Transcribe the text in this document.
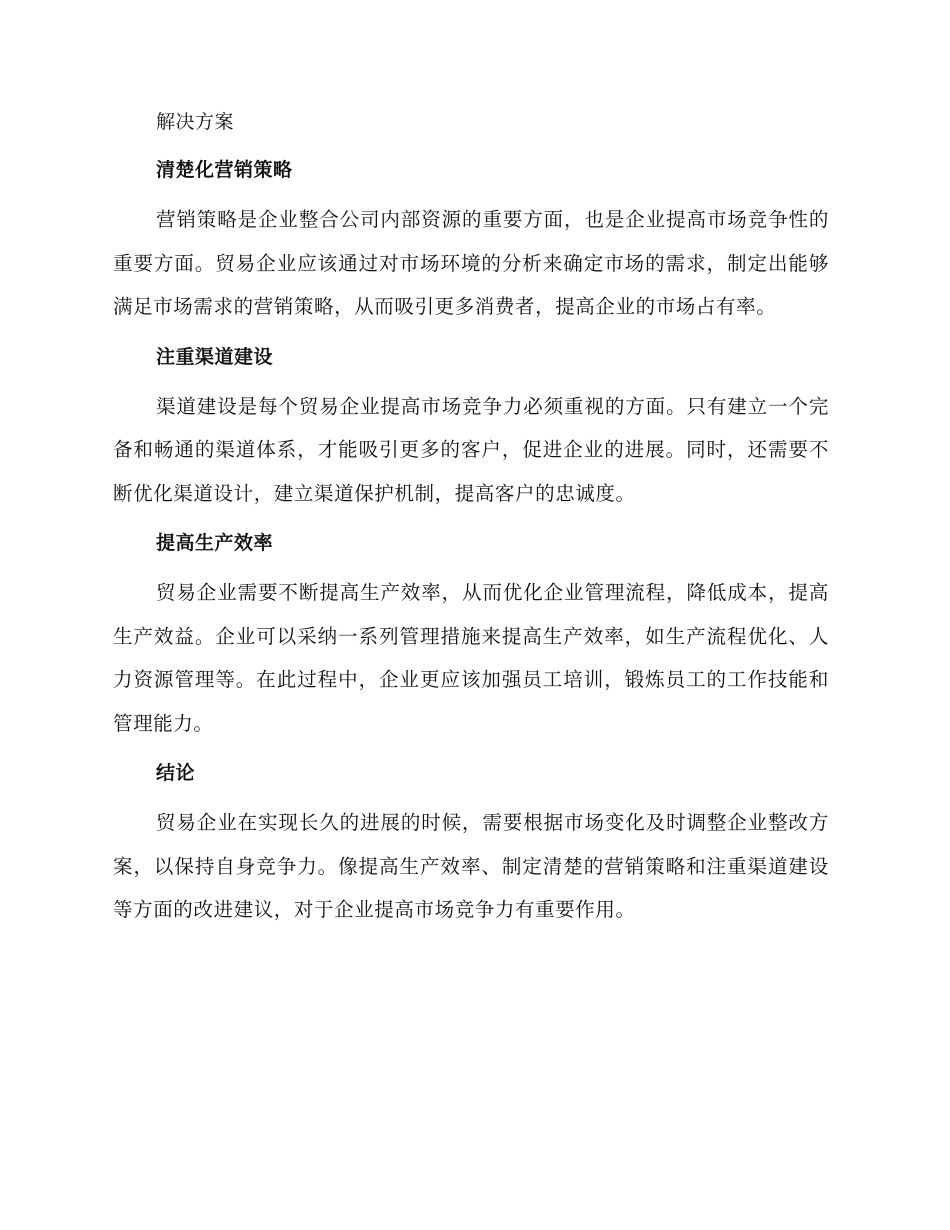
解决方案

清楚化营销策略

营销策略是企业整合公司内部资源的重要方面，也是企业提高市场竞争性的重要方面。贸易企业应该通过对市场环境的分析来确定市场的需求，制定出能够满足市场需求的营销策略，从而吸引更多消费者，提高企业的市场占有率。

注重渠道建设

渠道建设是每个贸易企业提高市场竞争力必须重视的方面。只有建立一个完备和畅通的渠道体系，才能吸引更多的客户，促进企业的进展。同时，还需要不断优化渠道设计，建立渠道保护机制，提高客户的忠诚度。

提高生产效率

贸易企业需要不断提高生产效率，从而优化企业管理流程，降低成本，提高生产效益。企业可以采纳一系列管理措施来提高生产效率，如生产流程优化、人力资源管理等。在此过程中，企业更应该加强员工培训，锻炼员工的工作技能和管理能力。

结论

贸易企业在实现长久的进展的时候，需要根据市场变化及时调整企业整改方案，以保持自身竞争力。像提高生产效率、制定清楚的营销策略和注重渠道建设等方面的改进建议，对于企业提高市场竞争力有重要作用。
